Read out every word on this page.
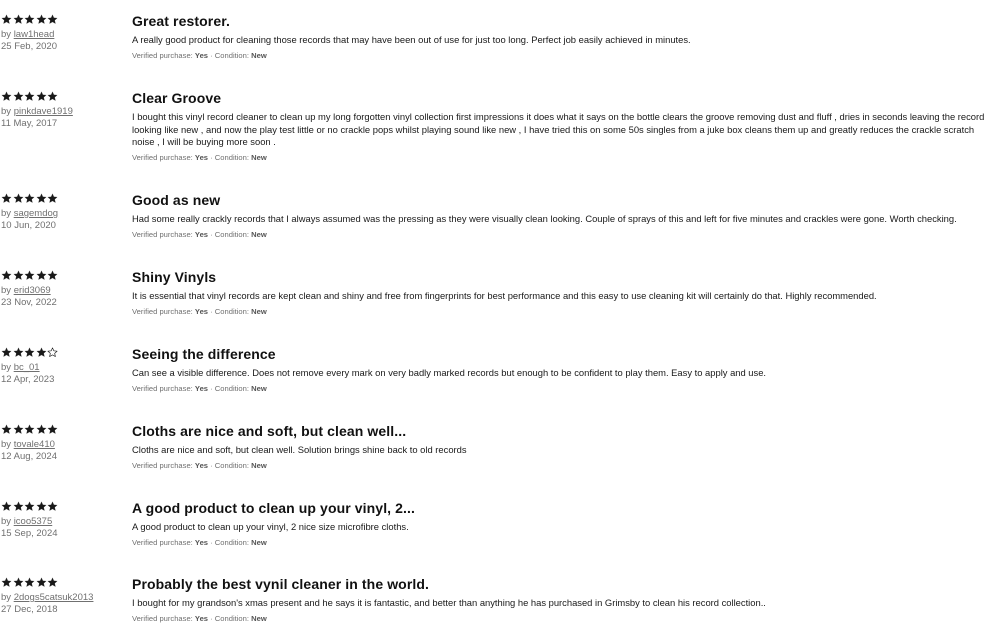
by law1head
25 Feb, 2020
Great restorer.
A really good product for cleaning those records that may have been out of use for just too long. Perfect job easily achieved in minutes.
Verified purchase: Yes · Condition: New
by pinkdave1919
11 May, 2017
Clear Groove
I bought this vinyl record cleaner to clean up my long forgotten vinyl collection first impressions it does what it says on the bottle clears the groove removing dust and fluff , dries in seconds leaving the record looking like new , and now the play test little or no crackle pops whilst playing sound like new , I have tried this on some 50s singles from a juke box cleans them up and greatly reduces the crackle scratch noise , I will be buying more soon .
Verified purchase: Yes · Condition: New
by sagemdog
10 Jun, 2020
Good as new
Had some really crackly records that I always assumed was the pressing as they were visually clean looking. Couple of sprays of this and left for five minutes and crackles were gone. Worth checking.
Verified purchase: Yes · Condition: New
by erid3069
23 Nov, 2022
Shiny Vinyls
It is essential that vinyl records are kept clean and shiny and free from fingerprints for best performance and this easy to use cleaning kit will certainly do that. Highly recommended.
Verified purchase: Yes · Condition: New
by bc_01
12 Apr, 2023
Seeing the difference
Can see a visible difference. Does not remove every mark on very badly marked records but enough to be confident to play them. Easy to apply and use.
Verified purchase: Yes · Condition: New
by tovale410
12 Aug, 2024
Cloths are nice and soft, but clean well...
Cloths are nice and soft, but clean well. Solution brings shine back to old records
Verified purchase: Yes · Condition: New
by icoo5375
15 Sep, 2024
A good product to clean up your vinyl, 2...
A good product to clean up your vinyl, 2 nice size microfibre cloths.
Verified purchase: Yes · Condition: New
by 2dogs5catsuk2013
27 Dec, 2018
Probably the best vynil cleaner in the world.
I bought for my grandson's xmas present and he says it is fantastic, and better than anything he has purchased in Grimsby to clean his record collection..
Verified purchase: Yes · Condition: New
